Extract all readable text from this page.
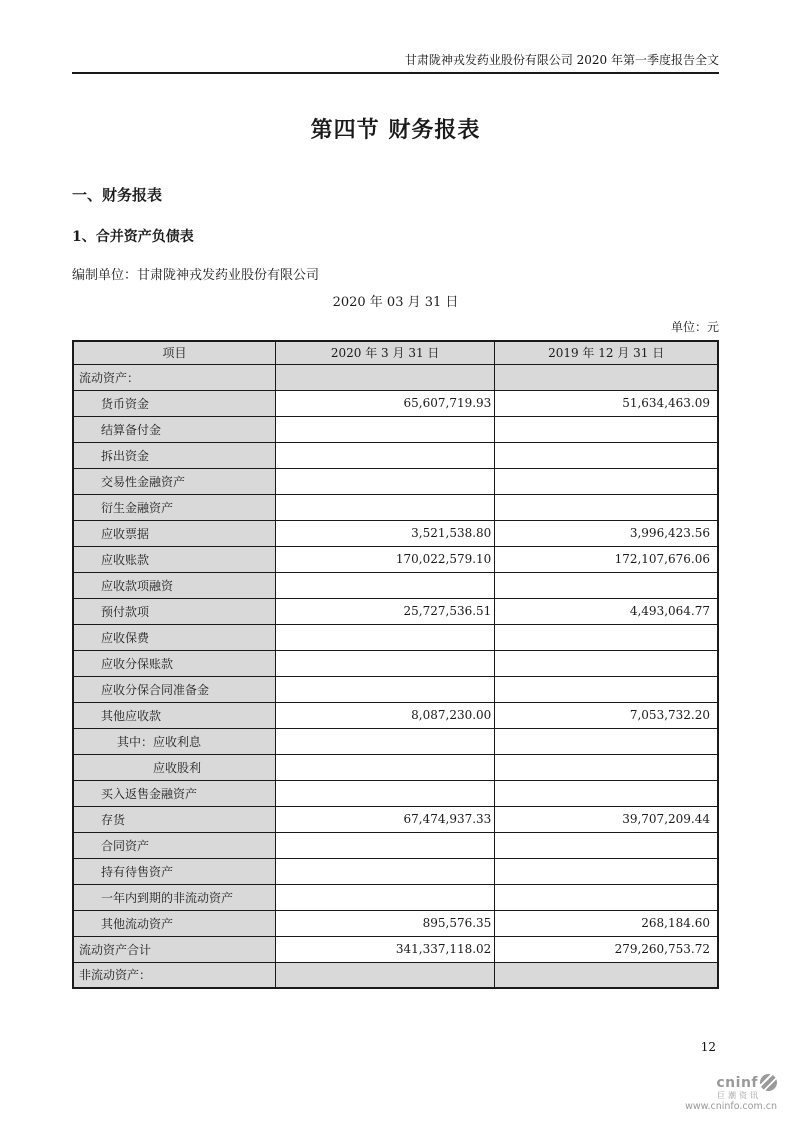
甘肃陇神戎发药业股份有限公司 2020 年第一季度报告全文
第四节 财务报表
一、财务报表
1、合并资产负债表
编制单位：甘肃陇神戎发药业股份有限公司
2020 年 03 月 31 日
单位：元
项目	2020 年 3 月 31 日	2019 年 12 月 31 日
流动资产：		
货币资金	65,607,719.93	51,634,463.09
结算备付金		
拆出资金		
交易性金融资产		
衍生金融资产		
应收票据	3,521,538.80	3,996,423.56
应收账款	170,022,579.10	172,107,676.06
应收款项融资		
预付款项	25,727,536.51	4,493,064.77
应收保费		
应收分保账款		
应收分保合同准备金		
其他应收款	8,087,230.00	7,053,732.20
其中：应收利息		
应收股利		
买入返售金融资产		
存货	67,474,937.33	39,707,209.44
合同资产		
持有待售资产		
一年内到期的非流动资产		
其他流动资产	895,576.35	268,184.60
流动资产合计	341,337,118.02	279,260,753.72
非流动资产：		
12
cninf
巨潮资讯
www.cninfo.com.cn
